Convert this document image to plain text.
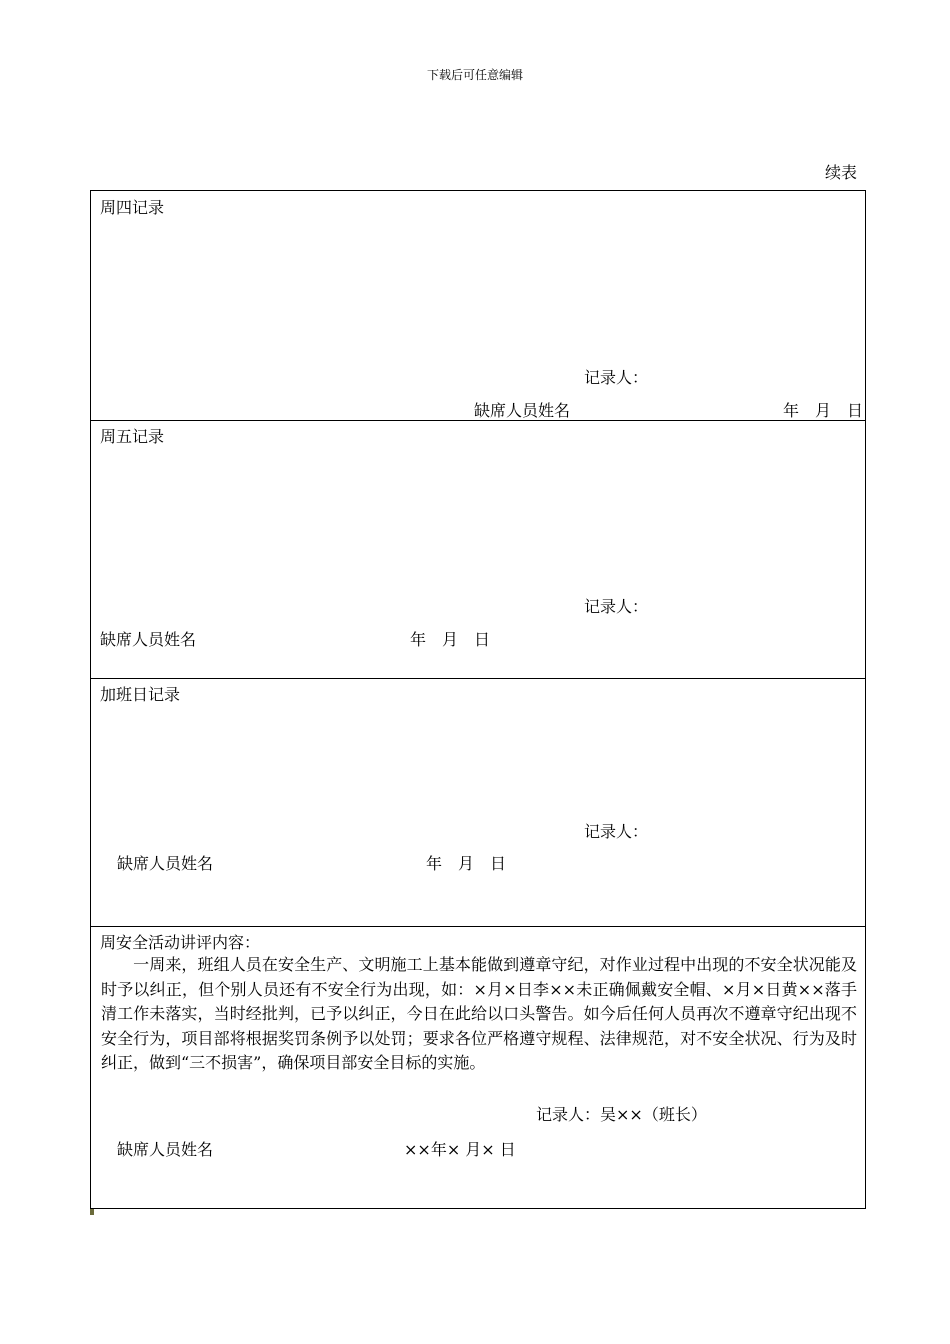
下载后可任意编辑
续表
周四记录
记录人：
缺席人员姓名	年　月　日
周五记录
记录人：
缺席人员姓名	年　月　日
加班日记录
记录人：
缺席人员姓名	年　月　日
周安全活动讲评内容：

　　一周来，班组人员在安全生产、文明施工上基本能做到遵章守纪，对作业过程中出现的不安全状况能及时予以纠正，但个别人员还有不安全行为出现，如：×月×日李××未正确佩戴安全帽、×月×日黄××落手清工作未落实，当时经批判，已予以纠正，今日在此给以口头警告。如今后任何人员再次不遵章守纪出现不安全行为，项目部将根据奖罚条例予以处罚；要求各位严格遵守规程、法律规范，对不安全状况、行为及时纠正，做到“三不损害”，确保项目部安全目标的实施。

记录人：吴××（班长）
缺席人员姓名	××年× 月× 日
